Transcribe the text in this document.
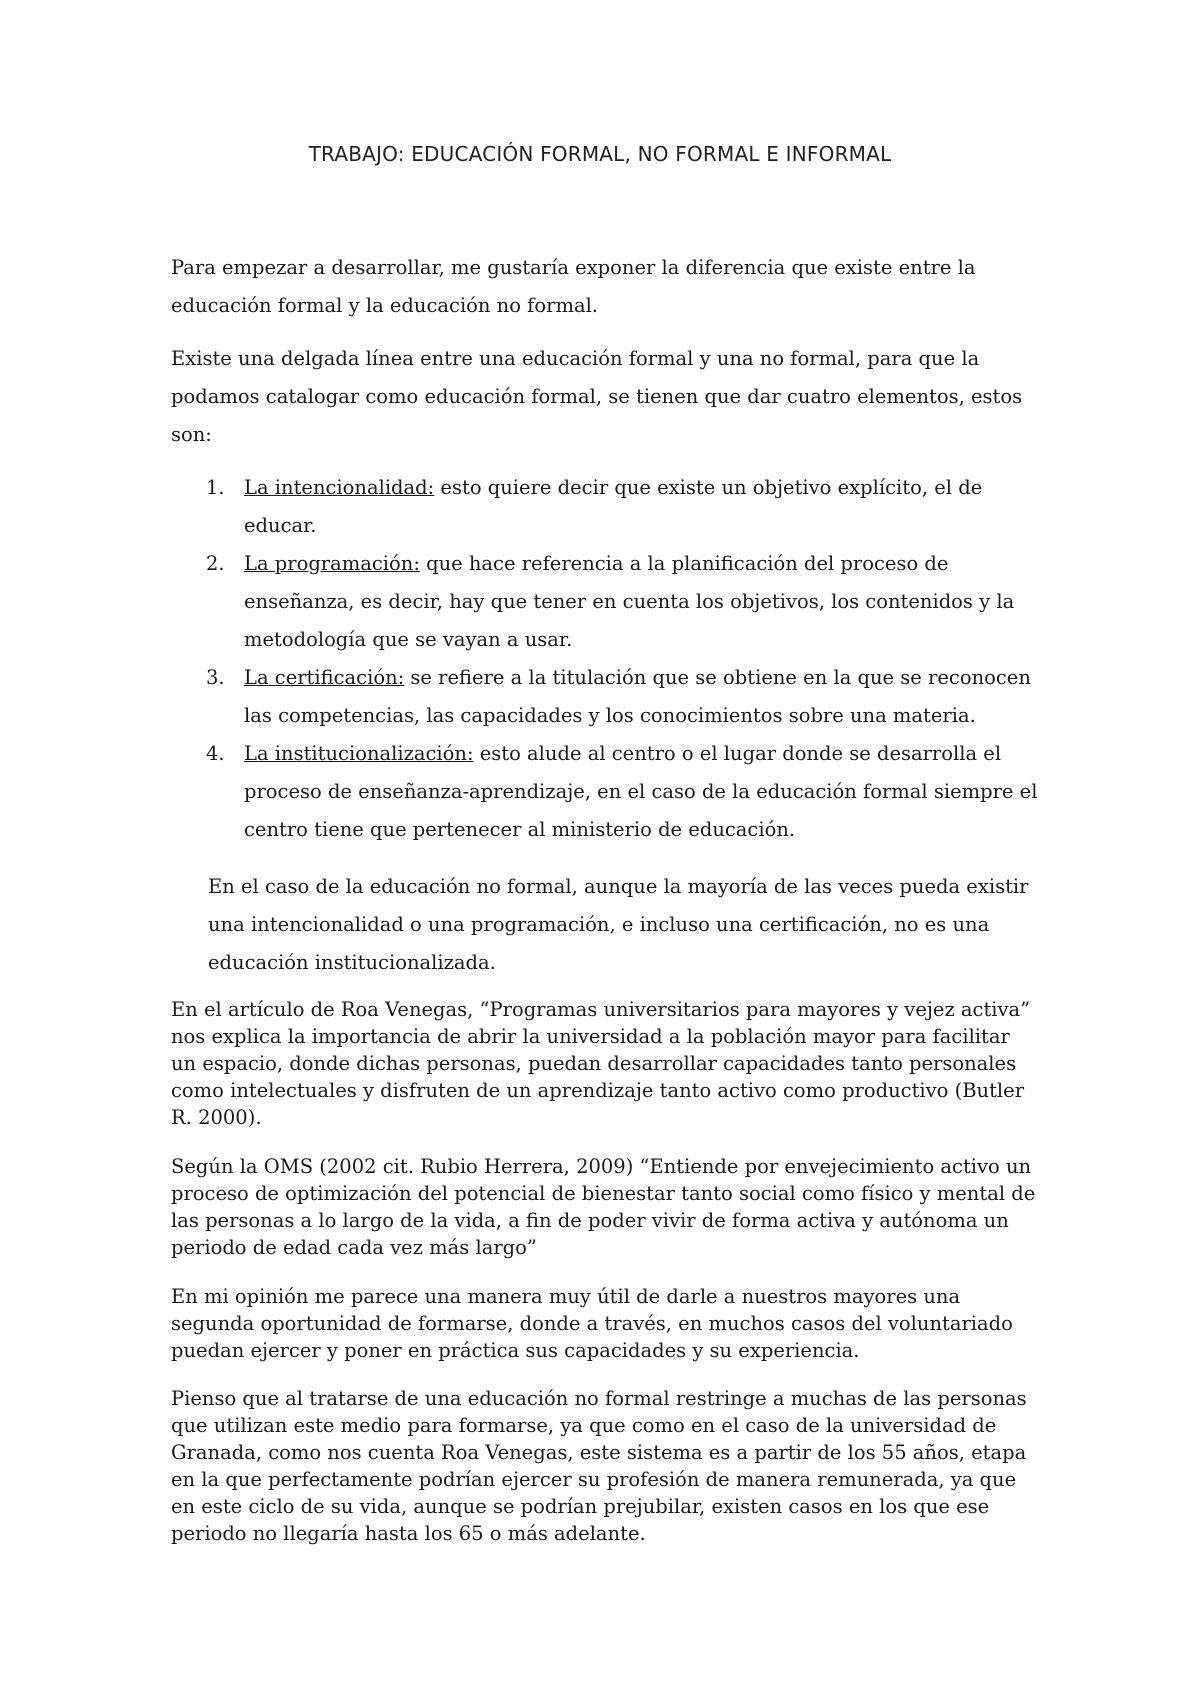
TRABAJO: EDUCACIÓN FORMAL, NO FORMAL E INFORMAL

Para empezar a desarrollar, me gustaría exponer la diferencia que existe entre la educación formal y la educación no formal.

Existe una delgada línea entre una educación formal y una no formal, para que la podamos catalogar como educación formal, se tienen que dar cuatro elementos, estos son:

1. La intencionalidad: esto quiere decir que existe un objetivo explícito, el de educar.
2. La programación: que hace referencia a la planificación del proceso de enseñanza, es decir, hay que tener en cuenta los objetivos, los contenidos y la metodología que se vayan a usar.
3. La certificación: se refiere a la titulación que se obtiene en la que se reconocen las competencias, las capacidades y los conocimientos sobre una materia.
4. La institucionalización: esto alude al centro o el lugar donde se desarrolla el proceso de enseñanza-aprendizaje, en el caso de la educación formal siempre el centro tiene que pertenecer al ministerio de educación.

En el caso de la educación no formal, aunque la mayoría de las veces pueda existir una intencionalidad o una programación, e incluso una certificación, no es una educación institucionalizada.

En el artículo de Roa Venegas, “Programas universitarios para mayores y vejez activa” nos explica la importancia de abrir la universidad a la población mayor para facilitar un espacio, donde dichas personas, puedan desarrollar capacidades tanto personales como intelectuales y disfruten de un aprendizaje tanto activo como productivo (Butler R. 2000).

Según la OMS (2002 cit. Rubio Herrera, 2009) “Entiende por envejecimiento activo un proceso de optimización del potencial de bienestar tanto social como físico y mental de las personas a lo largo de la vida, a fin de poder vivir de forma activa y autónoma un periodo de edad cada vez más largo”

En mi opinión me parece una manera muy útil de darle a nuestros mayores una segunda oportunidad de formarse, donde a través, en muchos casos del voluntariado puedan ejercer y poner en práctica sus capacidades y su experiencia.

Pienso que al tratarse de una educación no formal restringe a muchas de las personas que utilizan este medio para formarse, ya que como en el caso de la universidad de Granada, como nos cuenta Roa Venegas, este sistema es a partir de los 55 años, etapa en la que perfectamente podrían ejercer su profesión de manera remunerada, ya que en este ciclo de su vida, aunque se podrían prejubilar, existen casos en los que ese periodo no llegaría hasta los 65 o más adelante.
